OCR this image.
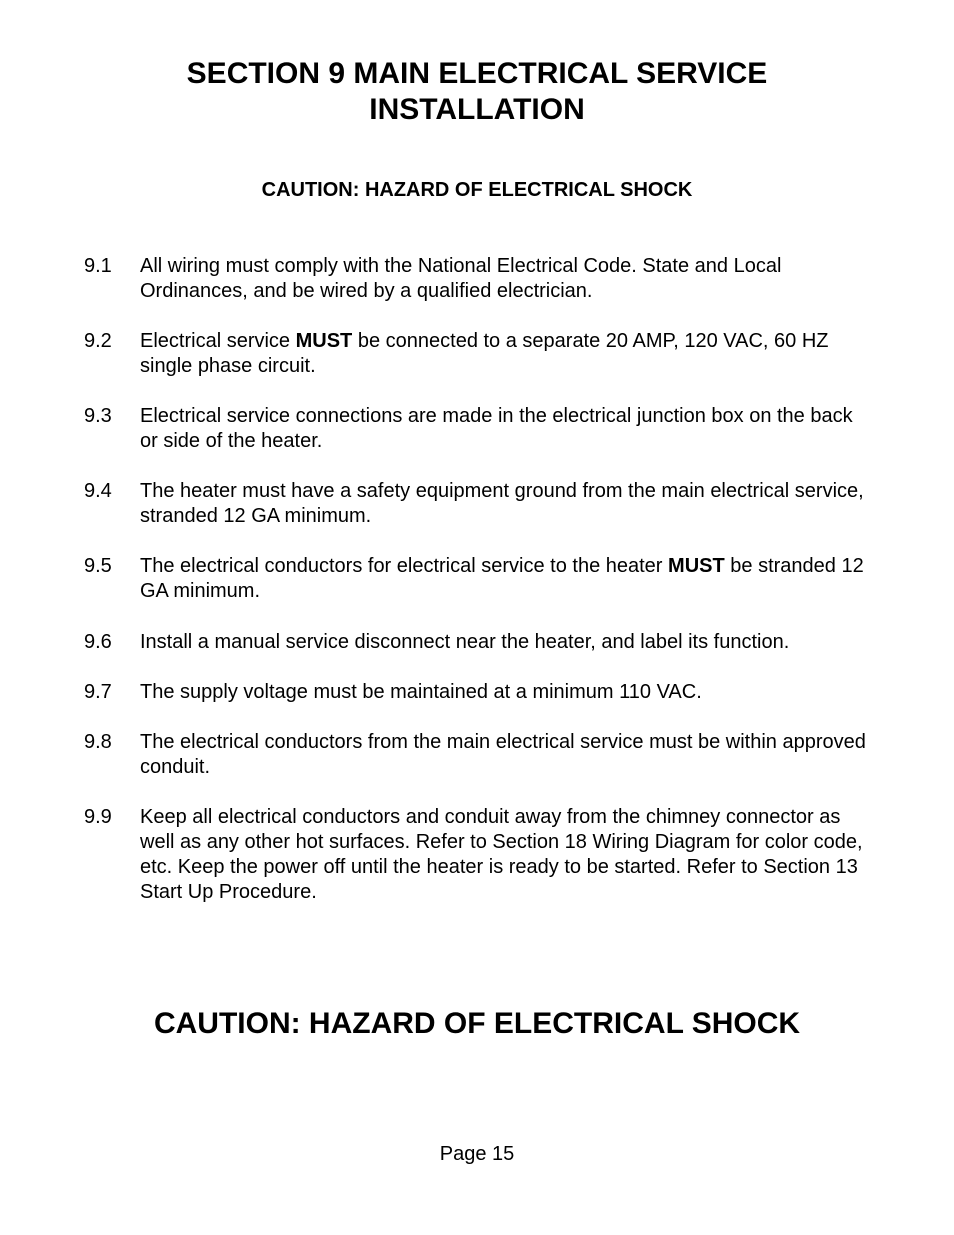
SECTION 9 MAIN ELECTRICAL SERVICE
INSTALLATION
CAUTION: HAZARD OF ELECTRICAL SHOCK
9.1	All wiring must comply with the National Electrical Code. State and Local Ordinances, and be wired by a qualified electrician.
9.2	Electrical service MUST be connected to a separate 20 AMP, 120 VAC, 60 HZ single phase circuit.
9.3	Electrical service connections are made in the electrical junction box on the back or side of the heater.
9.4	The heater must have a safety equipment ground from the main electrical service, stranded 12 GA minimum.
9.5	The electrical conductors for electrical service to the heater MUST be stranded 12 GA minimum.
9.6	Install a manual service disconnect near the heater, and label its function.
9.7	The supply voltage must be maintained at a minimum 110 VAC.
9.8	The electrical conductors from the main electrical service must be within approved conduit.
9.9	Keep all electrical conductors and conduit away from the chimney connector as well as any other hot surfaces. Refer to Section 18 Wiring Diagram for color code, etc. Keep the power off until the heater is ready to be started. Refer to Section 13 Start Up Procedure.
CAUTION: HAZARD OF ELECTRICAL SHOCK
Page 15
